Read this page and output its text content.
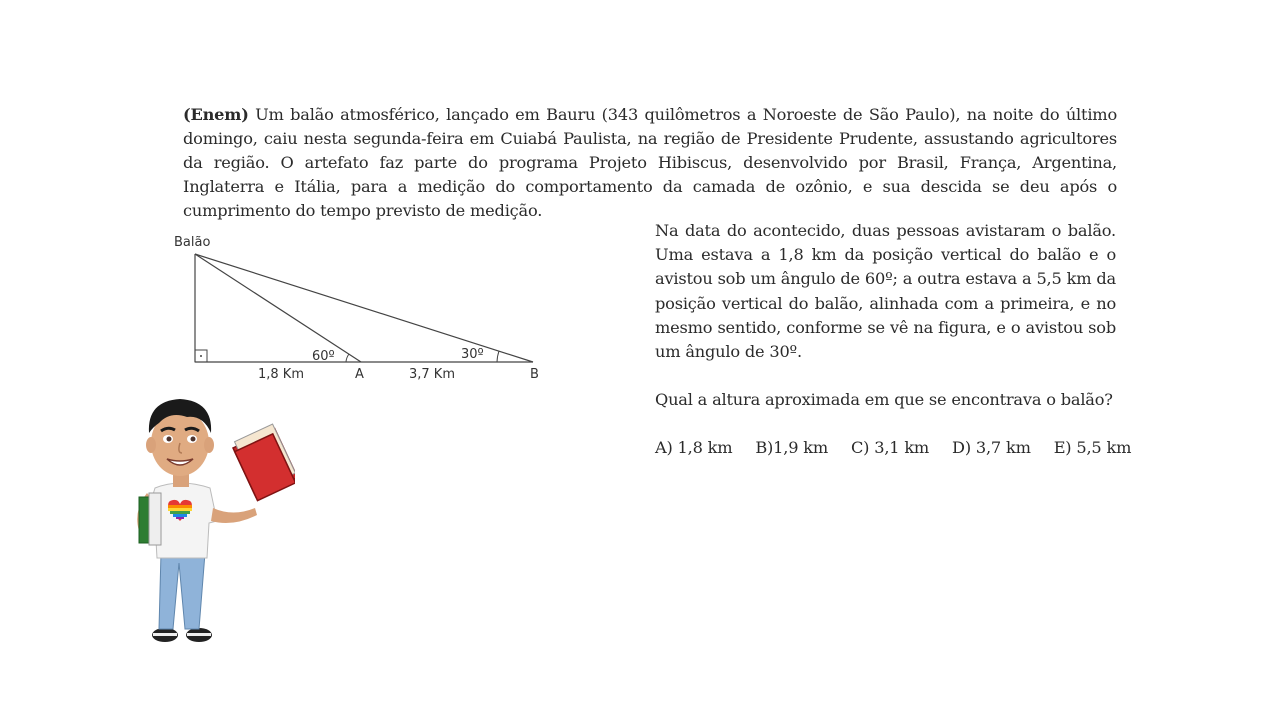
(Enem) Um balão atmosférico, lançado em Bauru (343 quilômetros a Noroeste de São Paulo), na noite do último domingo, caiu nesta segunda-feira em Cuiabá Paulista, na região de Presidente Prudente, assustando agricultores da região. O artefato faz parte do programa Projeto Hibiscus, desenvolvido por Brasil, França, Argentina, Inglaterra e Itália, para a medição do comportamento da camada de ozônio, e sua descida se deu após o cumprimento do tempo previsto de medição.
Balão
60º	30º
1,8 Km	A	3,7 Km	B
Na data do acontecido, duas pessoas avistaram o balão. Uma estava a 1,8 km da posição vertical do balão e o avistou sob um ângulo de 60º; a outra estava a 5,5 km da posição vertical do balão, alinhada com a primeira, e no mesmo sentido, conforme se vê na figura, e o avistou sob um ângulo de 30º.
Qual a altura aproximada em que se encontrava o balão?
A) 1,8 km B)1,9 km C) 3,1 km D) 3,7 km E) 5,5 km
